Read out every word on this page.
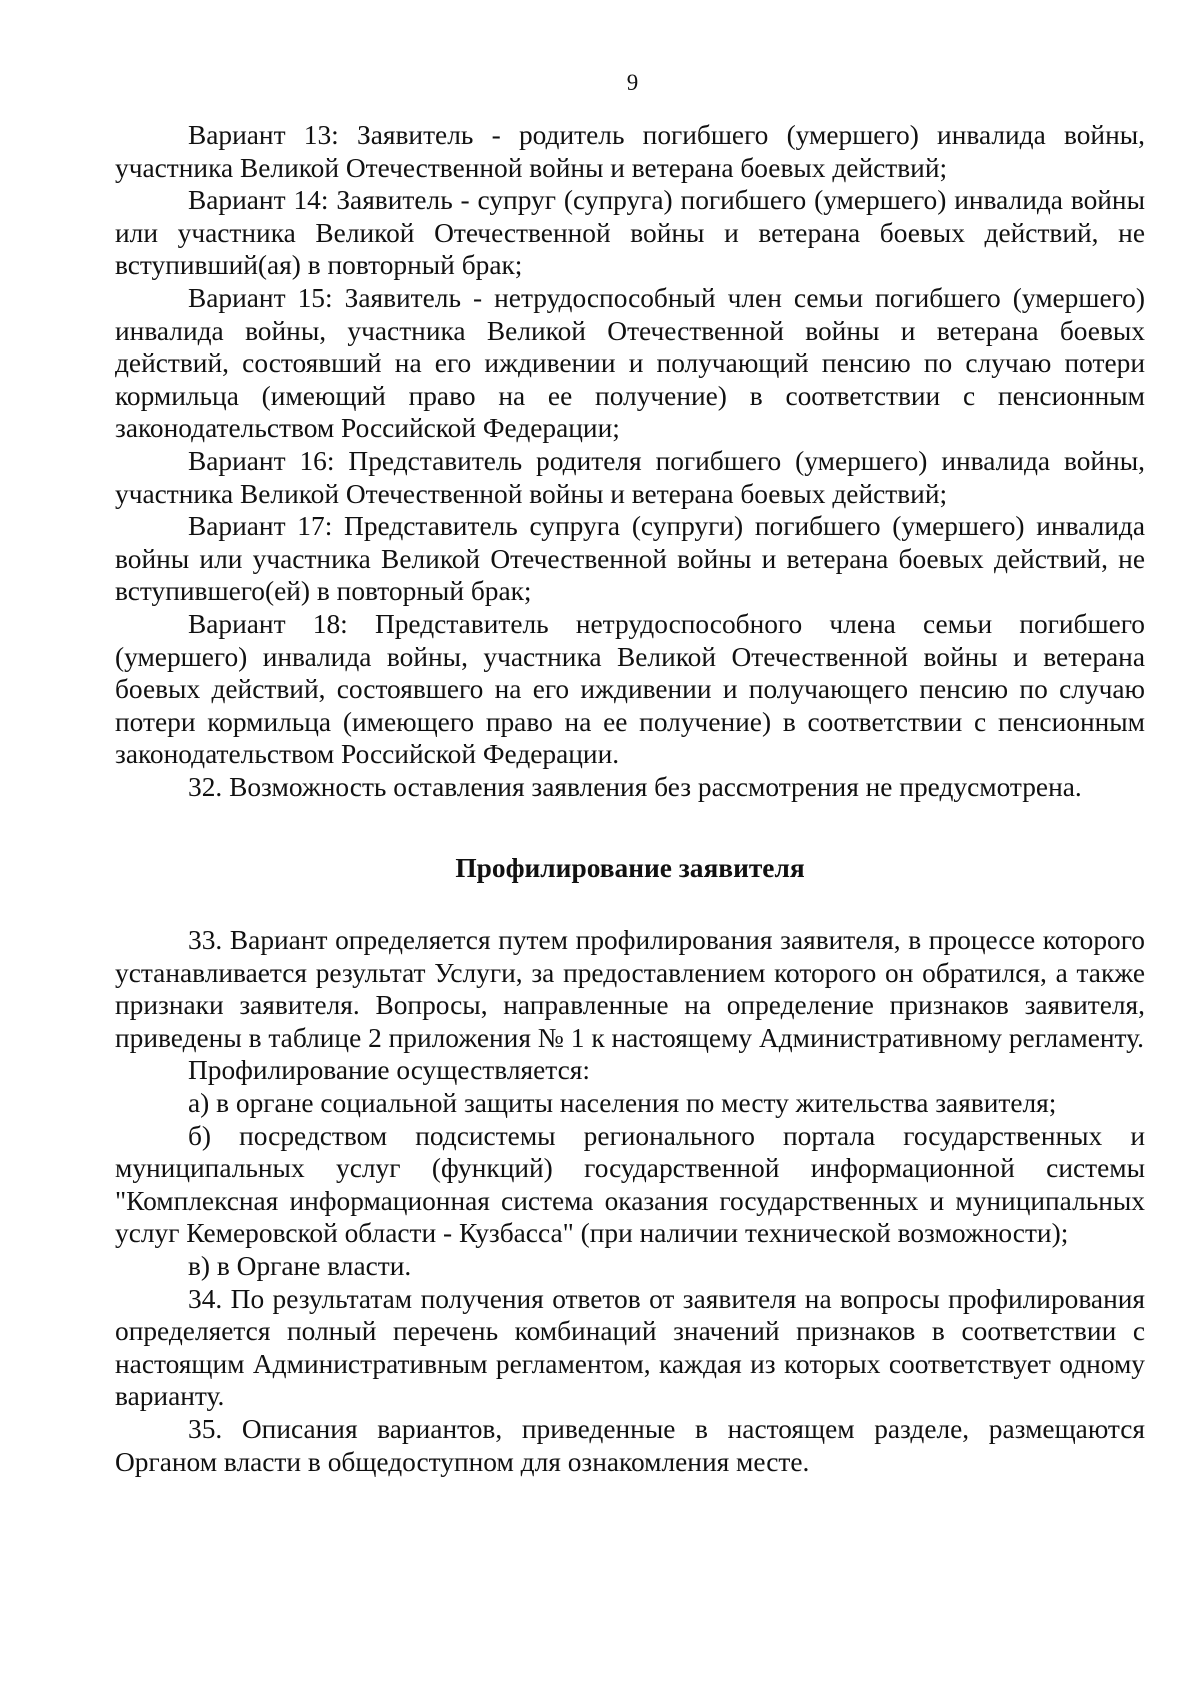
9

Вариант 13: Заявитель - родитель погибшего (умершего) инвалида войны, участника Великой Отечественной войны и ветерана боевых действий;

Вариант 14: Заявитель - супруг (супруга) погибшего (умершего) инвалида войны или участника Великой Отечественной войны и ветерана боевых действий, не вступивший(ая) в повторный брак;

Вариант 15: Заявитель - нетрудоспособный член семьи погибшего (умершего) инвалида войны, участника Великой Отечественной войны и ветерана боевых действий, состоявший на его иждивении и получающий пенсию по случаю потери кормильца (имеющий право на ее получение) в соответствии с пенсионным законодательством Российской Федерации;

Вариант 16: Представитель родителя погибшего (умершего) инвалида войны, участника Великой Отечественной войны и ветерана боевых действий;

Вариант 17: Представитель супруга (супруги) погибшего (умершего) инвалида войны или участника Великой Отечественной войны и ветерана боевых действий, не вступившего(ей) в повторный брак;

Вариант 18: Представитель нетрудоспособного члена семьи погибшего (умершего) инвалида войны, участника Великой Отечественной войны и ветерана боевых действий, состоявшего на его иждивении и получающего пенсию по случаю потери кормильца (имеющего право на ее получение) в соответствии с пенсионным законодательством Российской Федерации.

32. Возможность оставления заявления без рассмотрения не предусмотрена.

Профилирование заявителя

33. Вариант определяется путем профилирования заявителя, в процессе которого устанавливается результат Услуги, за предоставлением которого он обратился, а также признаки заявителя. Вопросы, направленные на определение признаков заявителя, приведены в таблице 2 приложения № 1 к настоящему Административному регламенту.

Профилирование осуществляется:

а) в органе социальной защиты населения по месту жительства заявителя;

б) посредством подсистемы регионального портала государственных и муниципальных услуг (функций) государственной информационной системы "Комплексная информационная система оказания государственных и муниципальных услуг Кемеровской области - Кузбасса" (при наличии технической возможности);

в) в Органе власти.

34. По результатам получения ответов от заявителя на вопросы профилирования определяется полный перечень комбинаций значений признаков в соответствии с настоящим Административным регламентом, каждая из которых соответствует одному варианту.

35. Описания вариантов, приведенные в настоящем разделе, размещаются Органом власти в общедоступном для ознакомления месте.
